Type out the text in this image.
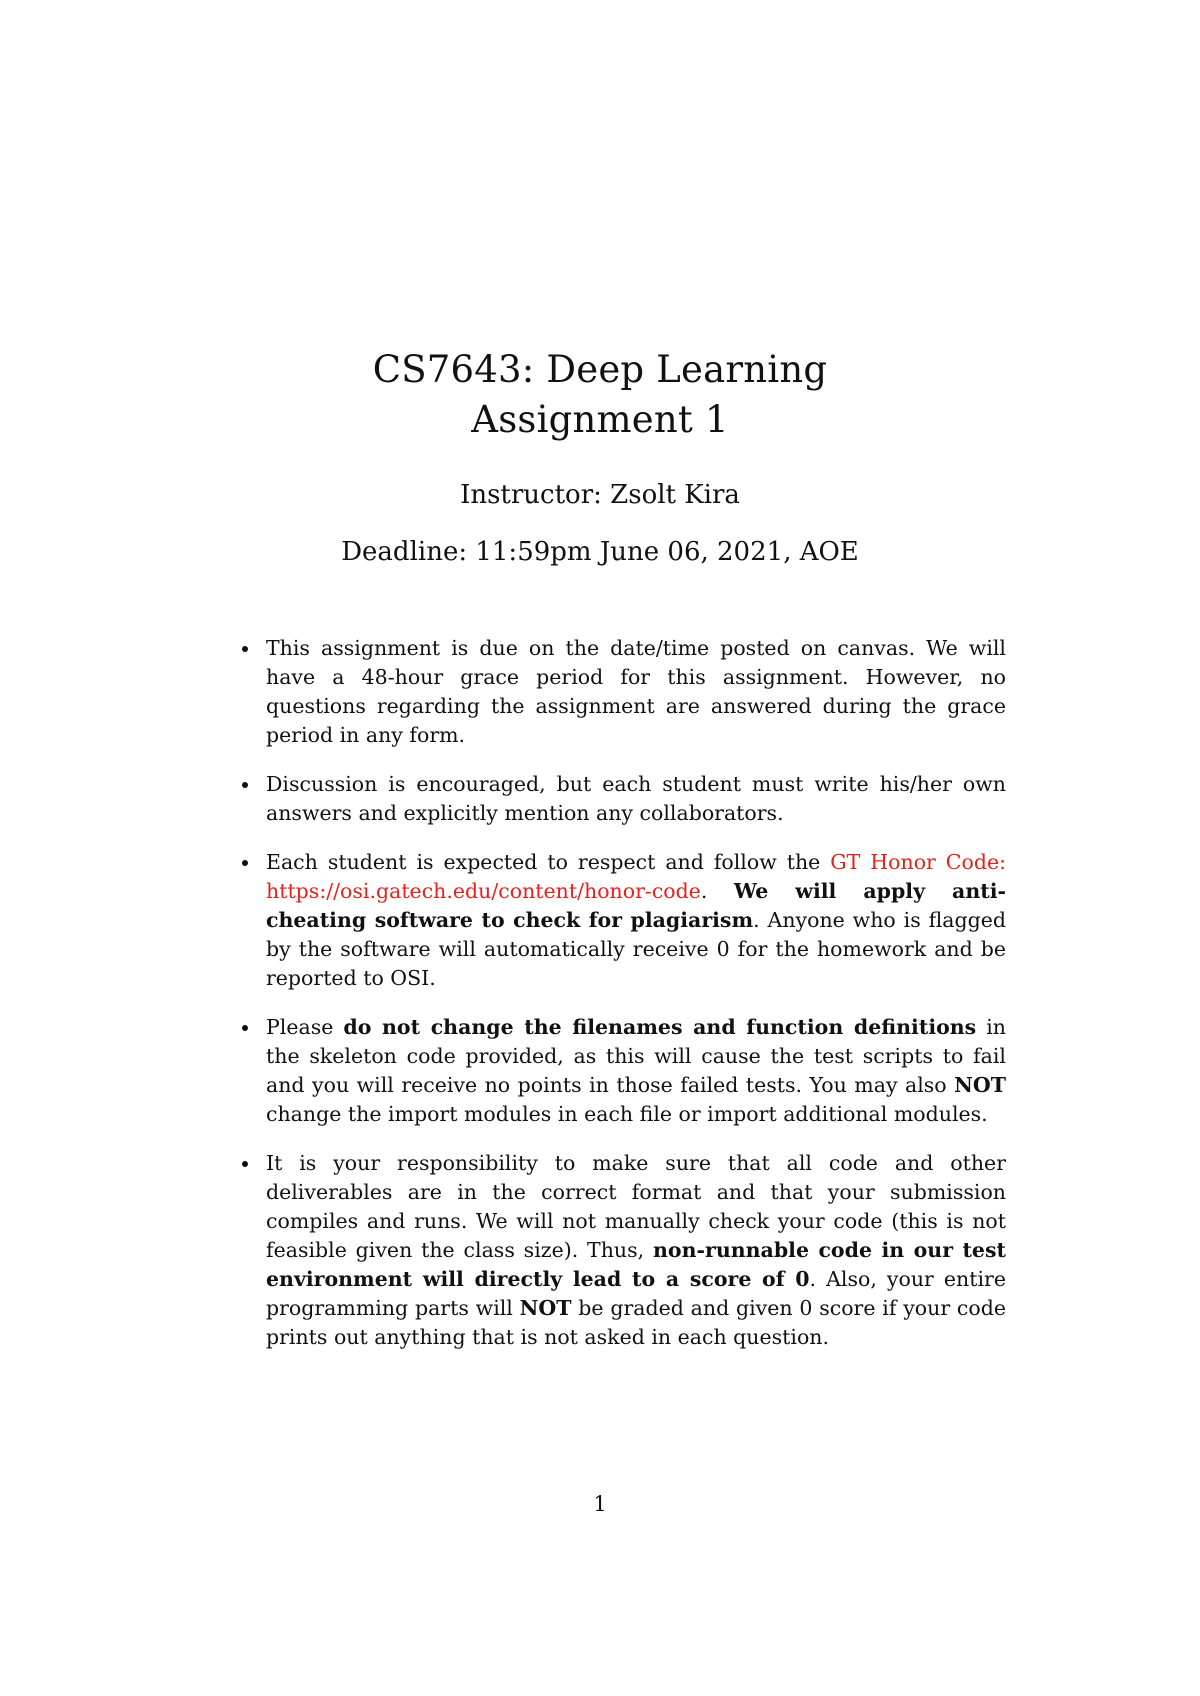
CS7643: Deep Learning
Assignment 1
Instructor: Zsolt Kira
Deadline: 11:59pm June 06, 2021, AOE
This assignment is due on the date/time posted on canvas. We will have a 48-hour grace period for this assignment. However, no questions regarding the assignment are answered during the grace period in any form.
Discussion is encouraged, but each student must write his/her own answers and explicitly mention any collaborators.
Each student is expected to respect and follow the GT Honor Code: https://osi.gatech.edu/content/honor-code. We will apply anti-cheating software to check for plagiarism. Anyone who is flagged by the software will automatically receive 0 for the homework and be reported to OSI.
Please do not change the filenames and function definitions in the skeleton code provided, as this will cause the test scripts to fail and you will receive no points in those failed tests. You may also NOT change the import modules in each file or import additional modules.
It is your responsibility to make sure that all code and other deliverables are in the correct format and that your submission compiles and runs. We will not manually check your code (this is not feasible given the class size). Thus, non-runnable code in our test environment will directly lead to a score of 0. Also, your entire programming parts will NOT be graded and given 0 score if your code prints out anything that is not asked in each question.
1
